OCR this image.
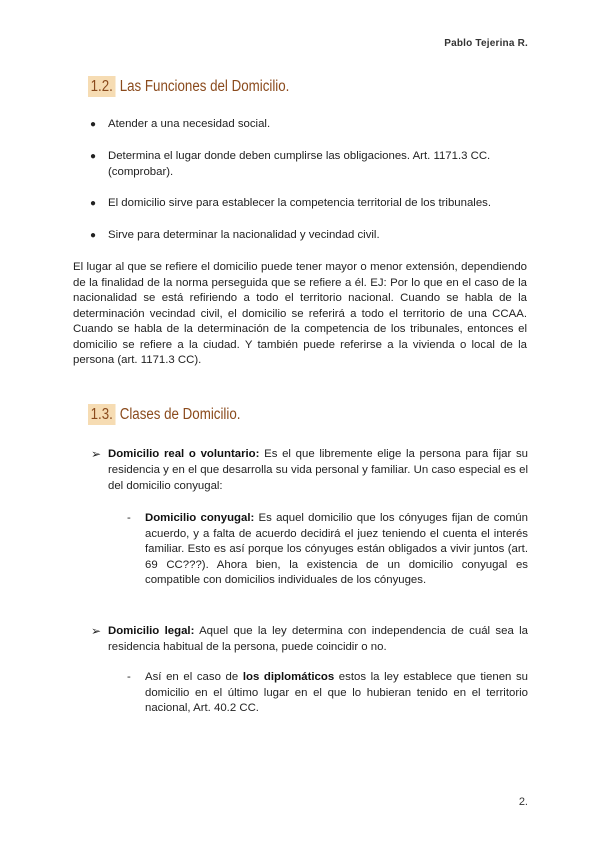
Pablo Tejerina R.
1.2. Las Funciones del Domicilio.
● Atender a una necesidad social.
● Determina el lugar donde deben cumplirse las obligaciones. Art. 1171.3 CC. (comprobar).
● El domicilio sirve para establecer la competencia territorial de los tribunales.
● Sirve para determinar la nacionalidad y vecindad civil.

El lugar al que se refiere el domicilio puede tener mayor o menor extensión, dependiendo de la finalidad de la norma perseguida que se refiere a él. EJ: Por lo que en el caso de la nacionalidad se está refiriendo a todo el territorio nacional. Cuando se habla de la determinación vecindad civil, el domicilio se referirá a todo el territorio de una CCAA. Cuando se habla de la determinación de la competencia de los tribunales, entonces el domicilio se refiere a la ciudad. Y también puede referirse a la vivienda o local de la persona (art. 1171.3 CC).

1.3. Clases de Domicilio.
➢ Domicilio real o voluntario: Es el que libremente elige la persona para fijar su residencia y en el que desarrolla su vida personal y familiar. Un caso especial es el del domicilio conyugal:
-	Domicilio conyugal: Es aquel domicilio que los cónyuges fijan de común acuerdo, y a falta de acuerdo decidirá el juez teniendo el cuenta el interés familiar. Esto es así porque los cónyuges están obligados a vivir juntos (art. 69 CC???). Ahora bien, la existencia de un domicilio conyugal es compatible con domicilios individuales de los cónyuges.
➢ Domicilio legal: Aquel que la ley determina con independencia de cuál sea la residencia habitual de la persona, puede coincidir o no.
-	Así en el caso de los diplomáticos estos la ley establece que tienen su domicilio en el último lugar en el que lo hubieran tenido en el territorio nacional, Art. 40.2 CC.
2.
